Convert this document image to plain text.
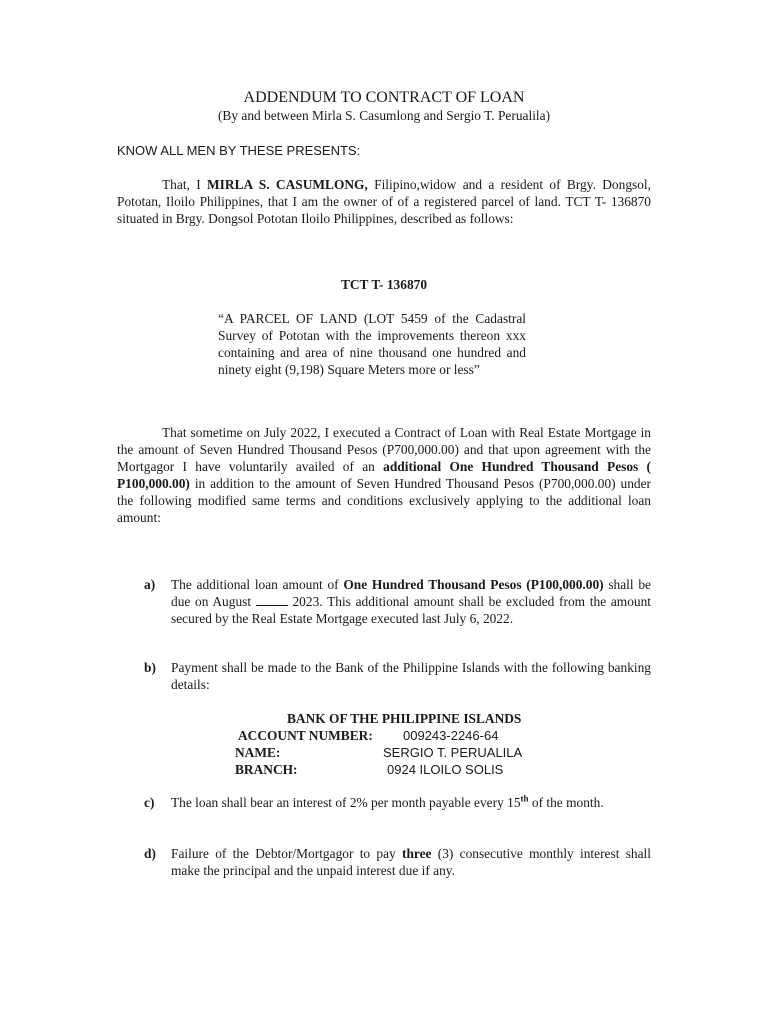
ADDENDUM TO CONTRACT OF LOAN
(By and between Mirla S. Casumlong and Sergio T. Perualila)
KNOW ALL MEN BY THESE PRESENTS:
That, I MIRLA S. CASUMLONG, Filipino,widow and a resident of Brgy. Dongsol, Pototan, Iloilo Philippines, that I am the owner of of a registered parcel of land. TCT T- 136870 situated in Brgy. Dongsol Pototan Iloilo Philippines, described as follows:
TCT T- 136870
“A PARCEL OF LAND (LOT 5459 of the Cadastral Survey of Pototan with the improvements thereon xxx containing and area of nine thousand one hundred and ninety eight (9,198) Square Meters more or less”
That sometime on July 2022, I executed a Contract of Loan with Real Estate Mortgage in the amount of Seven Hundred Thousand Pesos (P700,000.00) and that upon agreement with the Mortgagor I have voluntarily availed of an additional One Hundred Thousand Pesos ( P100,000.00) in addition to the amount of Seven Hundred Thousand Pesos (P700,000.00) under the following modified same terms and conditions exclusively applying to the additional loan amount:
a) The additional loan amount of One Hundred Thousand Pesos (P100,000.00) shall be due on August  2023. This additional amount shall be excluded from the amount secured by the Real Estate Mortgage executed last July 6, 2022.
b) Payment shall be made to the Bank of the Philippine Islands with the following banking details:
BANK OF THE PHILIPPINE ISLANDS
ACCOUNT NUMBER: 009243-2246-64
NAME:	SERGIO T. PERUALILA
BRANCH:	0924 ILOILO SOLIS
c) The loan shall bear an interest of 2% per month payable every 15th of the month.
d) Failure of the Debtor/Mortgagor to pay three (3) consecutive monthly interest shall make the principal and the unpaid interest due if any.
